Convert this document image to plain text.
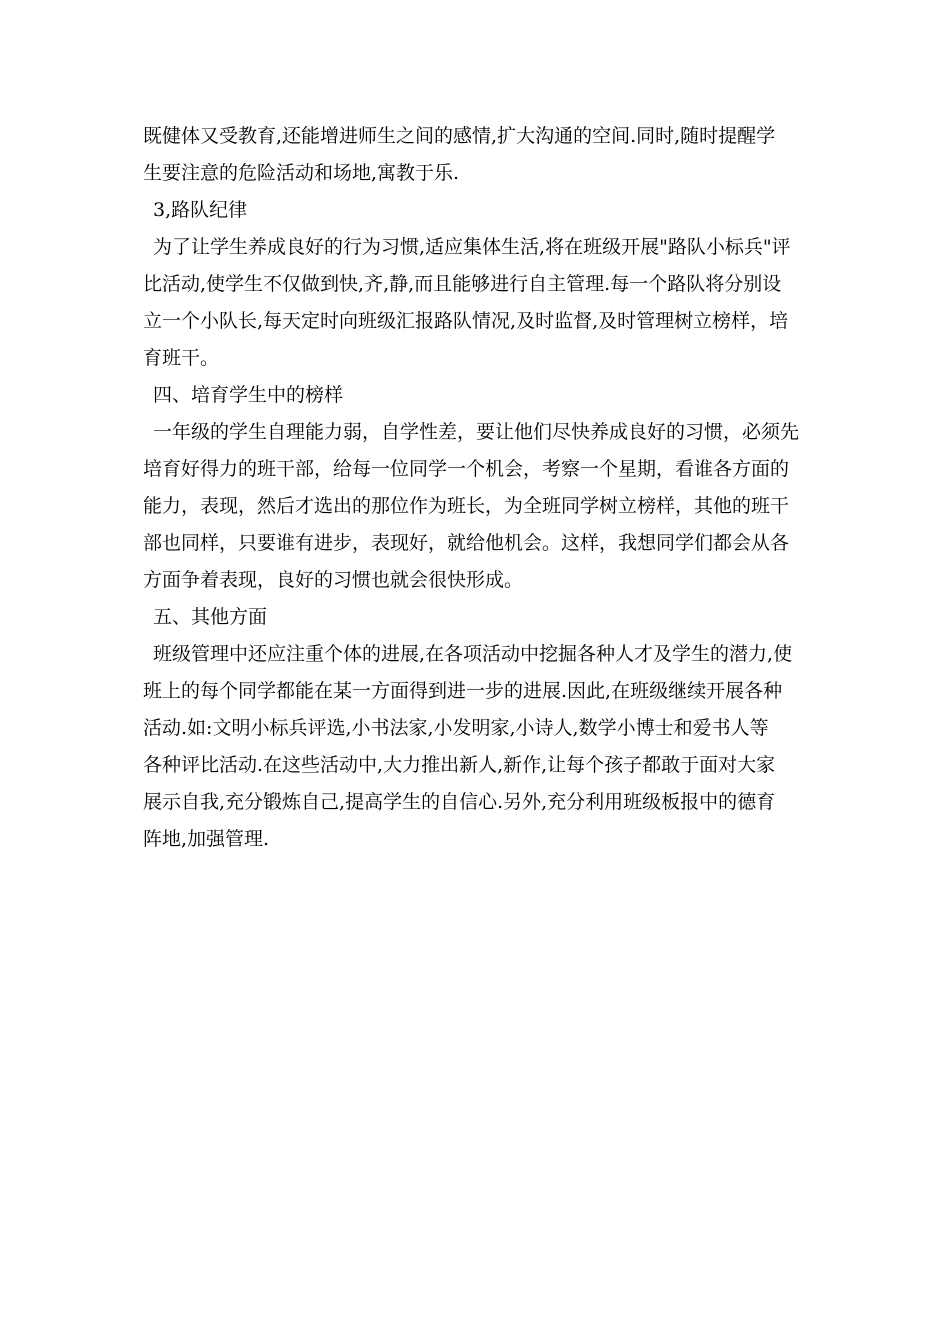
既健体又受教育,还能增进师生之间的感情,扩大沟通的空间.同时,随时提醒学
生要注意的危险活动和场地,寓教于乐.
3,路队纪律
为了让学生养成良好的行为习惯,适应集体生活,将在班级开展"路队小标兵"评
比活动,使学生不仅做到快,齐,静,而且能够进行自主管理.每一个路队将分别设
立一个小队长,每天定时向班级汇报路队情况,及时监督,及时管理树立榜样，培
育班干。
四、培育学生中的榜样
一年级的学生自理能力弱，自学性差，要让他们尽快养成良好的习惯，必须先
培育好得力的班干部，给每一位同学一个机会，考察一个星期，看谁各方面的
能力，表现，然后才选出的那位作为班长，为全班同学树立榜样，其他的班干
部也同样，只要谁有进步，表现好，就给他机会。这样，我想同学们都会从各
方面争着表现，良好的习惯也就会很快形成。
五、其他方面
班级管理中还应注重个体的进展,在各项活动中挖掘各种人才及学生的潜力,使
班上的每个同学都能在某一方面得到进一步的进展.因此,在班级继续开展各种
活动.如:文明小标兵评选,小书法家,小发明家,小诗人,数学小博士和爱书人等
各种评比活动.在这些活动中,大力推出新人,新作,让每个孩子都敢于面对大家
展示自我,充分锻炼自己,提高学生的自信心.另外,充分利用班级板报中的德育
阵地,加强管理.
